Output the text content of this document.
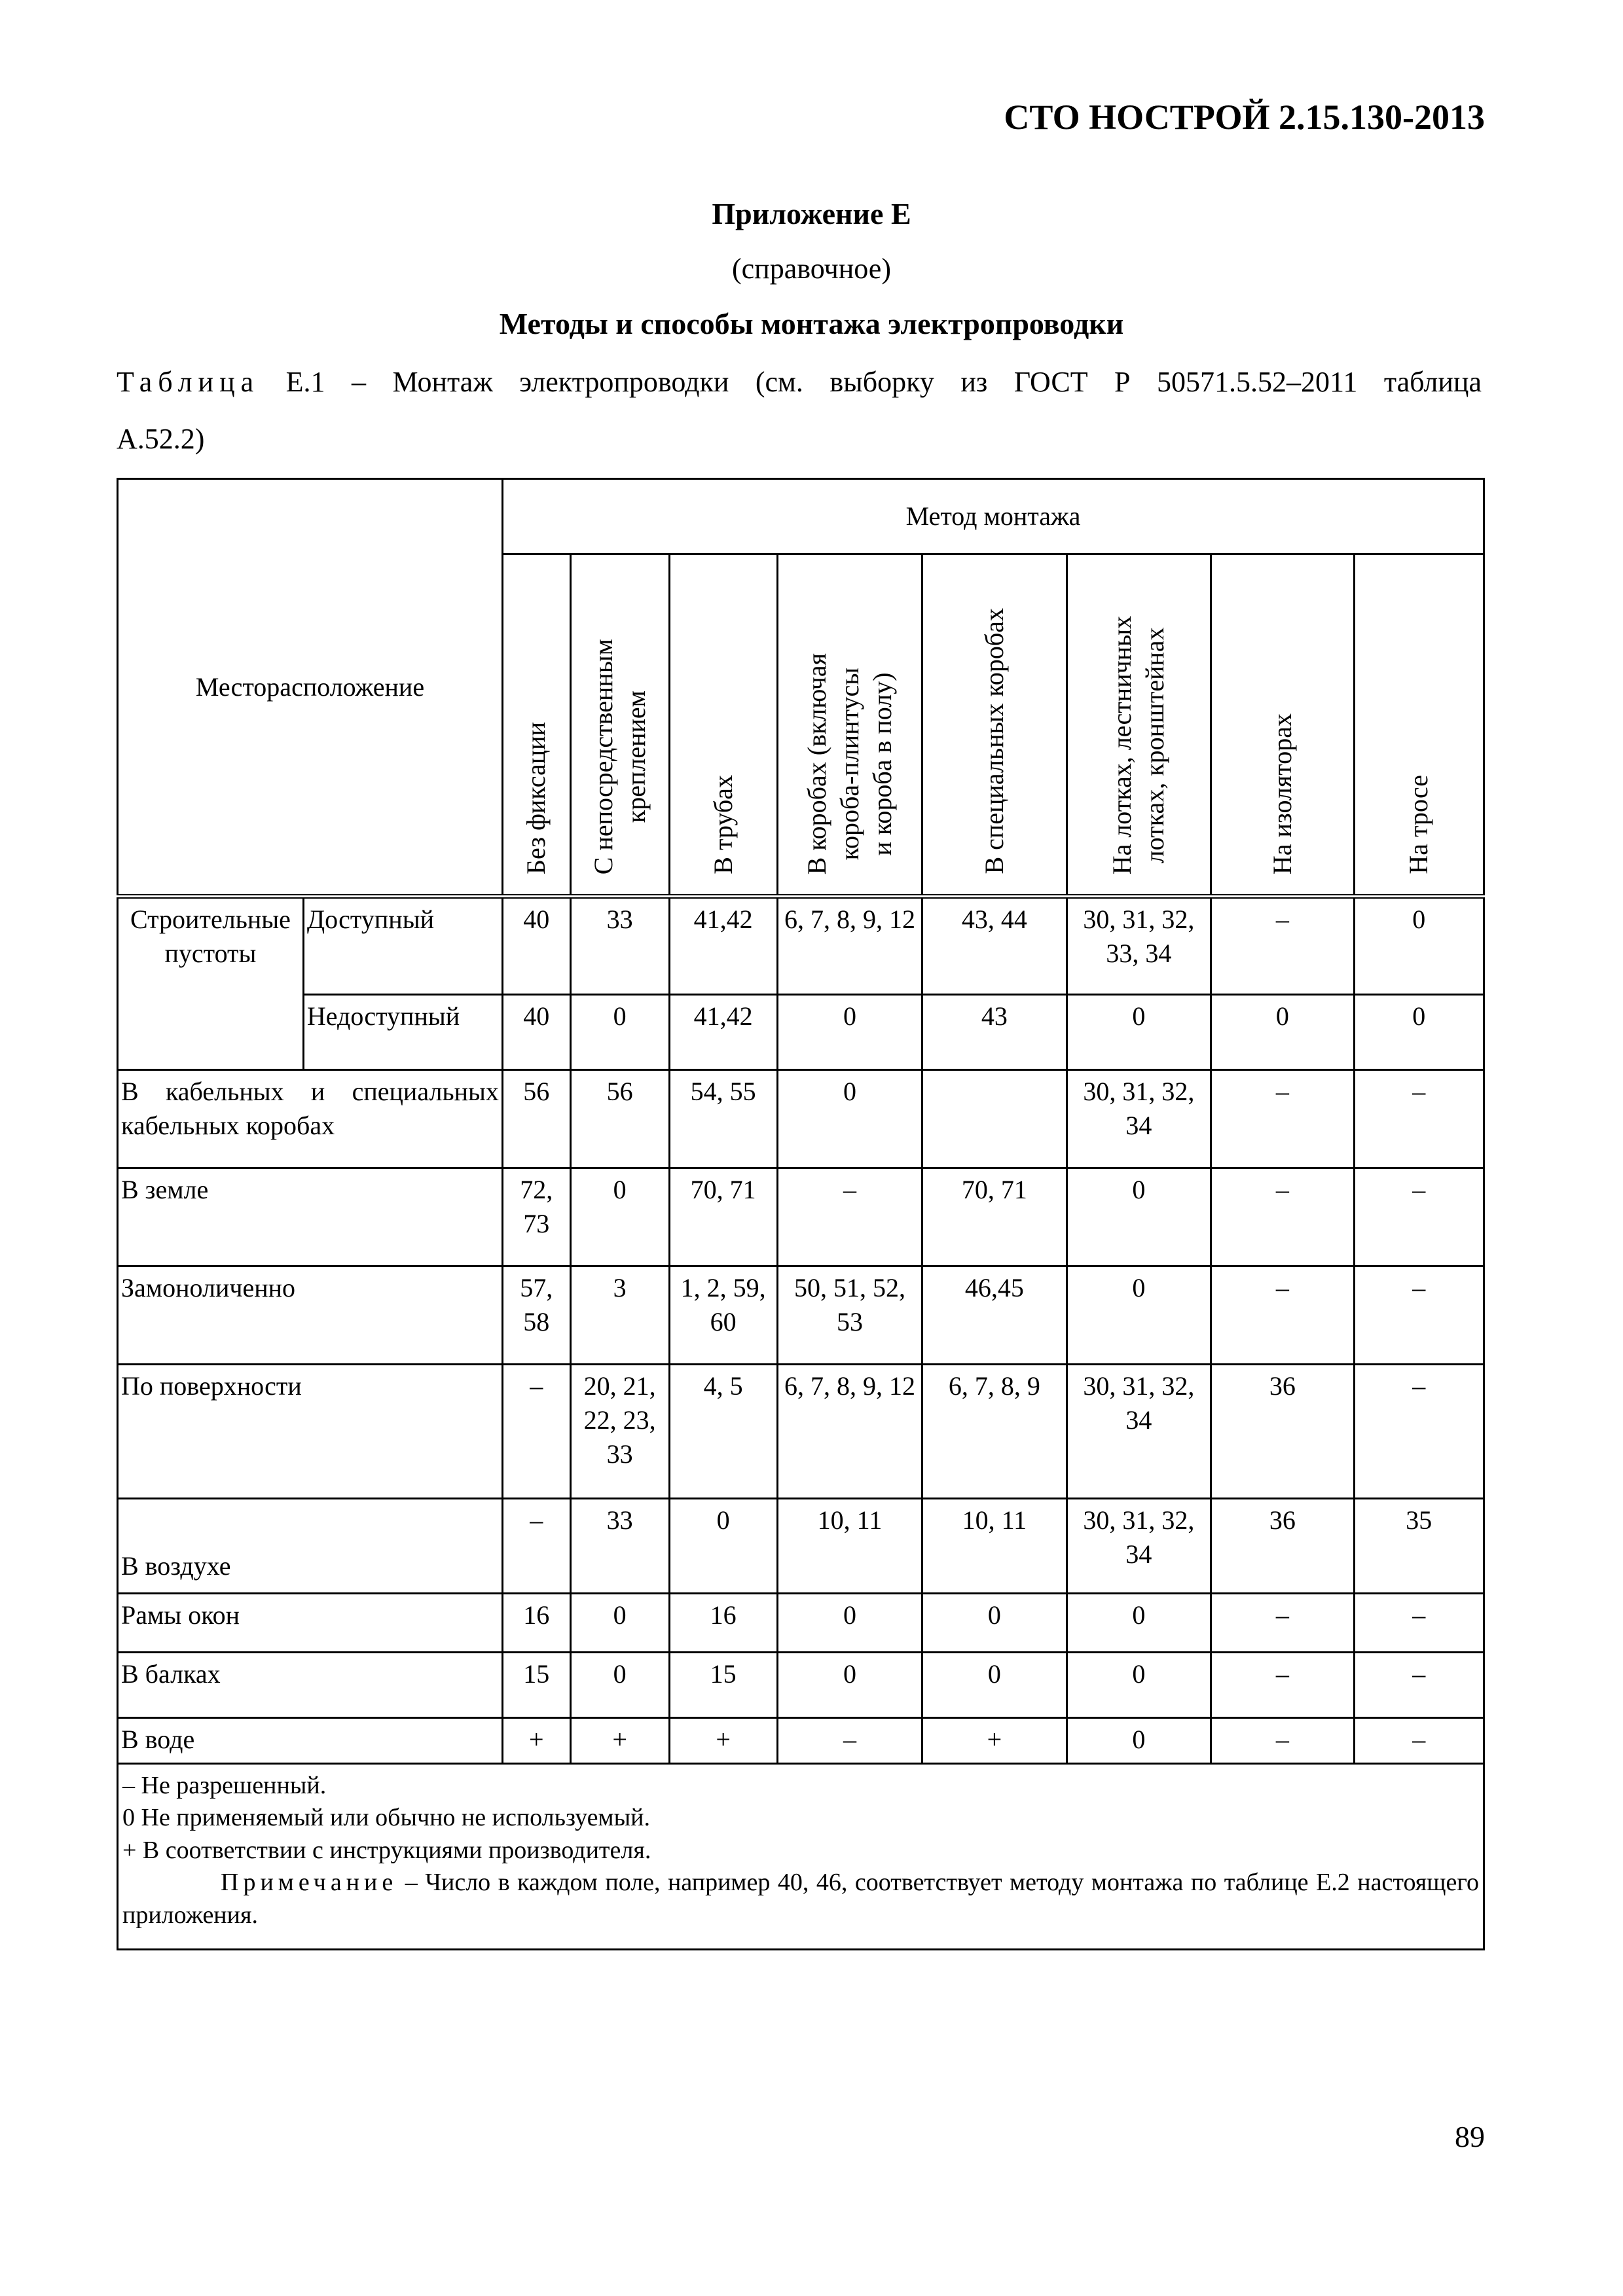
СТО НОСТРОЙ 2.15.130-2013
Приложение Е
(справочное)
Методы и способы монтажа электропроводки
Таблица Е.1 – Монтаж электропроводки (см. выборку из ГОСТ Р 50571.5.52–2011 таблица
А.52.2)
Месторасположение		Метод монтажа							

		Без фиксации	С непосредственным
креплением	В трубах	В коробах (включая
короба-плинтусы
и короба в полу)	В специальных коробах	На лотках, лестничных
лотках, кронштейнах	На изоляторах	На тросе

Строительные пустоты	Доступный	40	33	41,42	6, 7, 8, 9, 12	43, 44	30, 31, 32, 33, 34	–	0
	Недоступный	40	0	41,42	0	43	0	0	0
В кабельных и специальных кабельных коробах		56	56	54, 55	0		30, 31, 32, 34	–	–
В земле		72, 73	0	70, 71	–	70, 71	0	–	–
Замоноличенно		57, 58	3	1, 2, 59, 60	50, 51, 52, 53	46,45	0	–	–
По поверхности		–	20, 21, 22, 23, 33	4, 5	6, 7, 8, 9, 12	6, 7, 8, 9	30, 31, 32, 34	36	–
В воздухе		–	33	0	10, 11	10, 11	30, 31, 32, 34	36	35
Рамы окон		16	0	16	0	0	0	–	–
В балках		15	0	15	0	0	0	–	–
В воде		+	+	+	–	+	0	–	–

– Не разрешенный.
0 Не применяемый или обычно не используемый.
+ В соответствии с инструкциями производителя.
Примечание – Число в каждом поле, например 40, 46, соответствует методу монтажа по таблице Е.2 настоящего приложения.									
89
